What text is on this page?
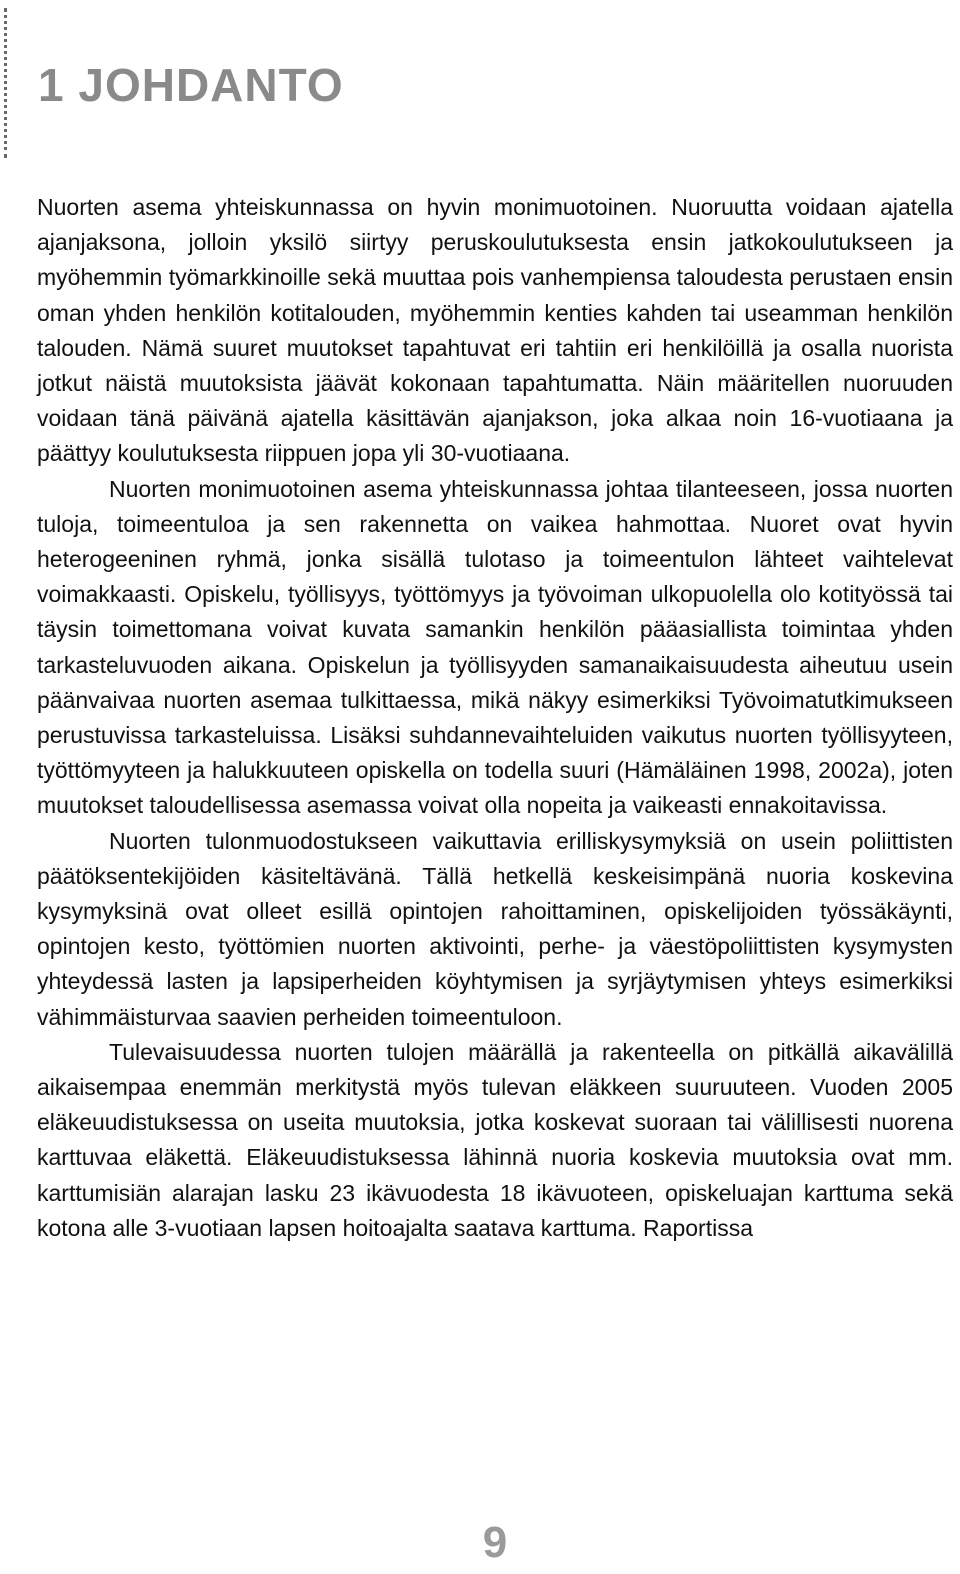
1 JOHDANTO

Nuorten asema yhteiskunnassa on hyvin monimuotoinen. Nuoruutta voidaan ajatella ajanjaksona, jolloin yksilö siirtyy peruskoulutuksesta ensin jatkokoulutukseen ja myöhemmin työmarkkinoille sekä muuttaa pois vanhempiensa taloudesta perustaen ensin oman yhden henkilön kotitalouden, myöhemmin kenties kahden tai useamman henkilön talouden. Nämä suuret muutokset tapahtuvat eri tahtiin eri henkilöillä ja osalla nuorista jotkut näistä muutoksista jäävät kokonaan tapahtumatta. Näin määritellen nuoruuden voidaan tänä päivänä ajatella käsittävän ajanjakson, joka alkaa noin 16-vuotiaana ja päättyy koulutuksesta riippuen jopa yli 30-vuotiaana.

Nuorten monimuotoinen asema yhteiskunnassa johtaa tilanteeseen, jossa nuorten tuloja, toimeentuloa ja sen rakennetta on vaikea hahmottaa. Nuoret ovat hyvin heterogeeninen ryhmä, jonka sisällä tulotaso ja toimeentulon lähteet vaihtelevat voimakkaasti. Opiskelu, työllisyys, työttömyys ja työvoiman ulkopuolella olo kotityössä tai täysin toimettomana voivat kuvata samankin henkilön pääasiallista toimintaa yhden tarkasteluvuoden aikana. Opiskelun ja työllisyyden samanaikaisuudesta aiheutuu usein päänvaivaa nuorten asemaa tulkittaessa, mikä näkyy esimerkiksi Työvoimatutkimukseen perustuvissa tarkasteluissa. Lisäksi suhdannevaihteluiden vaikutus nuorten työllisyyteen, työttömyyteen ja halukkuuteen opiskella on todella suuri (Hämäläinen 1998, 2002a), joten muutokset taloudellisessa asemassa voivat olla nopeita ja vaikeasti ennakoitavissa.

Nuorten tulonmuodostukseen vaikuttavia erilliskysymyksiä on usein poliittisten päätöksentekijöiden käsiteltävänä. Tällä hetkellä keskeisimpänä nuoria koskevina kysymyksinä ovat olleet esillä opintojen rahoittaminen, opiskelijoiden työssäkäynti, opintojen kesto, työttömien nuorten aktivointi, perhe- ja väestöpoliittisten kysymysten yhteydessä lasten ja lapsiperheiden köyhtymisen ja syrjäytymisen yhteys esimerkiksi vähimmäisturvaa saavien perheiden toimeentuloon.

Tulevaisuudessa nuorten tulojen määrällä ja rakenteella on pitkällä aikavälillä aikaisempaa enemmän merkitystä myös tulevan eläkkeen suuruuteen. Vuoden 2005 eläkeuudistuksessa on useita muutoksia, jotka koskevat suoraan tai välillisesti nuorena karttuvaa eläkettä. Eläkeuudistuksessa lähinnä nuoria koskevia muutoksia ovat mm. karttumisiän alarajan lasku 23 ikävuodesta 18 ikävuoteen, opiskeluajan karttuma sekä kotona alle 3-vuotiaan lapsen hoitoajalta saatava karttuma. Raportissa

9
